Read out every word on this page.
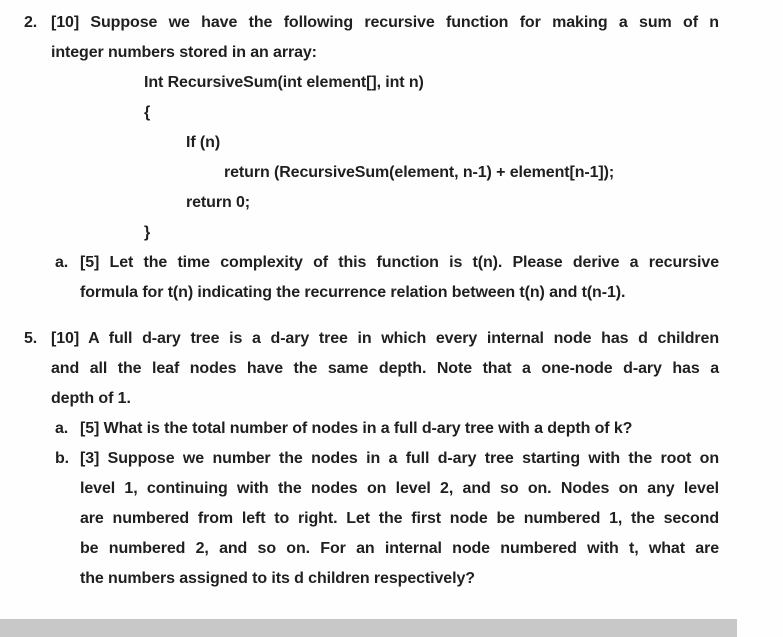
2. [10] Suppose we have the following recursive function for making a sum of n
integer numbers stored in an array:
Int RecursiveSum(int element[], int n)
{
If (n)
return (RecursiveSum(element, n-1) + element[n-1]);
return 0;
}
a. [5] Let the time complexity of this function is t(n). Please derive a recursive
formula for t(n) indicating the recurrence relation between t(n) and t(n-1).
5. [10] A full d-ary tree is a d-ary tree in which every internal node has d children
and all the leaf nodes have the same depth. Note that a one-node d-ary has a
depth of 1.
a. [5] What is the total number of nodes in a full d-ary tree with a depth of k?
b. [3] Suppose we number the nodes in a full d-ary tree starting with the root on
level 1, continuing with the nodes on level 2, and so on. Nodes on any level
are numbered from left to right. Let the first node be numbered 1, the second
be numbered 2, and so on. For an internal node numbered with t, what are
the numbers assigned to its d children respectively?
